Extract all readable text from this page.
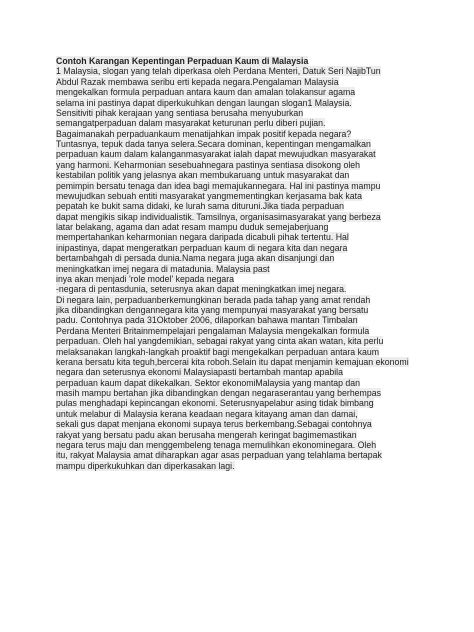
Contoh Karangan Kepentingan Perpaduan Kaum di Malaysia
1 Malaysia, slogan yang telah diperkasa oleh Perdana Menteri, Datuk Seri NajibTun
Abdul Razak membawa seribu erti kepada negara.Pengalaman Malaysia
mengekalkan formula perpaduan antara kaum dan amalan tolakansur agama
selama ini pastinya dapat diperkukuhkan dengan laungan slogan1 Malaysia.
Sensitiviti pihak kerajaan yang sentiasa berusaha menyuburkan
semangatperpaduan dalam masyarakat keturunan perlu diberi pujian.
Bagaimanakah perpaduankaum menatijahkan impak positif kepada negara?
Tuntasnya, tepuk dada tanya selera.Secara dominan, kepentingan mengamalkan
perpaduan kaum dalam kalanganmasyarakat ialah dapat mewujudkan masyarakat
yang harmoni. Keharmonian sesebuahnegara pastinya sentiasa disokong oleh
kestabilan politik yang jelasnya akan membukaruang untuk masyarakat dan
pemimpin bersatu tenaga dan idea bagi memajukannegara. Hal ini pastinya mampu
mewujudkan sebuah entiti masyarakat yangmementingkan kerjasama bak kata
pepatah ke bukit sama didaki, ke lurah sama dituruni.Jika tiada perpaduan
dapat mengikis sikap individualistik. Tamsilnya, organisasimasyarakat yang berbeza
latar belakang, agama dan adat resam mampu duduk semejaberjuang
mempertahankan keharmonian negara daripada dicabuli pihak tertentu. Hal
inipastinya, dapat mengeratkan perpaduan kaum di negara kita dan negara
bertambahgah di persada dunia.Nama negara juga akan disanjungi dan
meningkatkan imej negara di matadunia. Malaysia past
inya akan menjadi 'role model' kepada negara
-negara di pentasdunia, seterusnya akan dapat meningkatkan imej negara.
Di negara lain, perpaduanberkemungkinan berada pada tahap yang amat rendah
jika dibandingkan dengannegara kita yang mempunyai masyarakat yang bersatu
padu. Contohnya pada 31Oktober 2006, dilaporkan bahawa mantan Timbalan
Perdana Menteri Britainmempelajari pengalaman Malaysia mengekalkan formula
perpaduan. Oleh hal yangdemikian, sebagai rakyat yang cinta akan watan, kita perlu
melaksanakan langkah-langkah proaktif bagi mengekalkan perpaduan antara kaum
kerana bersatu kita teguh,bercerai kita roboh.Selain itu dapat menjamin kemajuan ekonomi
negara dan seterusnya ekonomi Malaysiapasti bertambah mantap apabila
perpaduan kaum dapat dikekalkan. Sektor ekonomiMalaysia yang mantap dan
masih mampu bertahan jika dibandingkan dengan negaraserantau yang berhempas
pulas menghadapi kepincangan ekonomi. Seterusnyapelabur asing tidak bimbang
untuk melabur di Malaysia kerana keadaan negara kitayang aman dan damai,
sekali gus dapat menjana ekonomi supaya terus berkembang.Sebagai contohnya
rakyat yang bersatu padu akan berusaha mengerah keringat bagimemastikan
negara terus maju dan menggembeleng tenaga memulihkan ekonominegara. Oleh
itu, rakyat Malaysia amat diharapkan agar asas perpaduan yang telahlama bertapak
mampu diperkukuhkan dan diperkasakan lagi.
